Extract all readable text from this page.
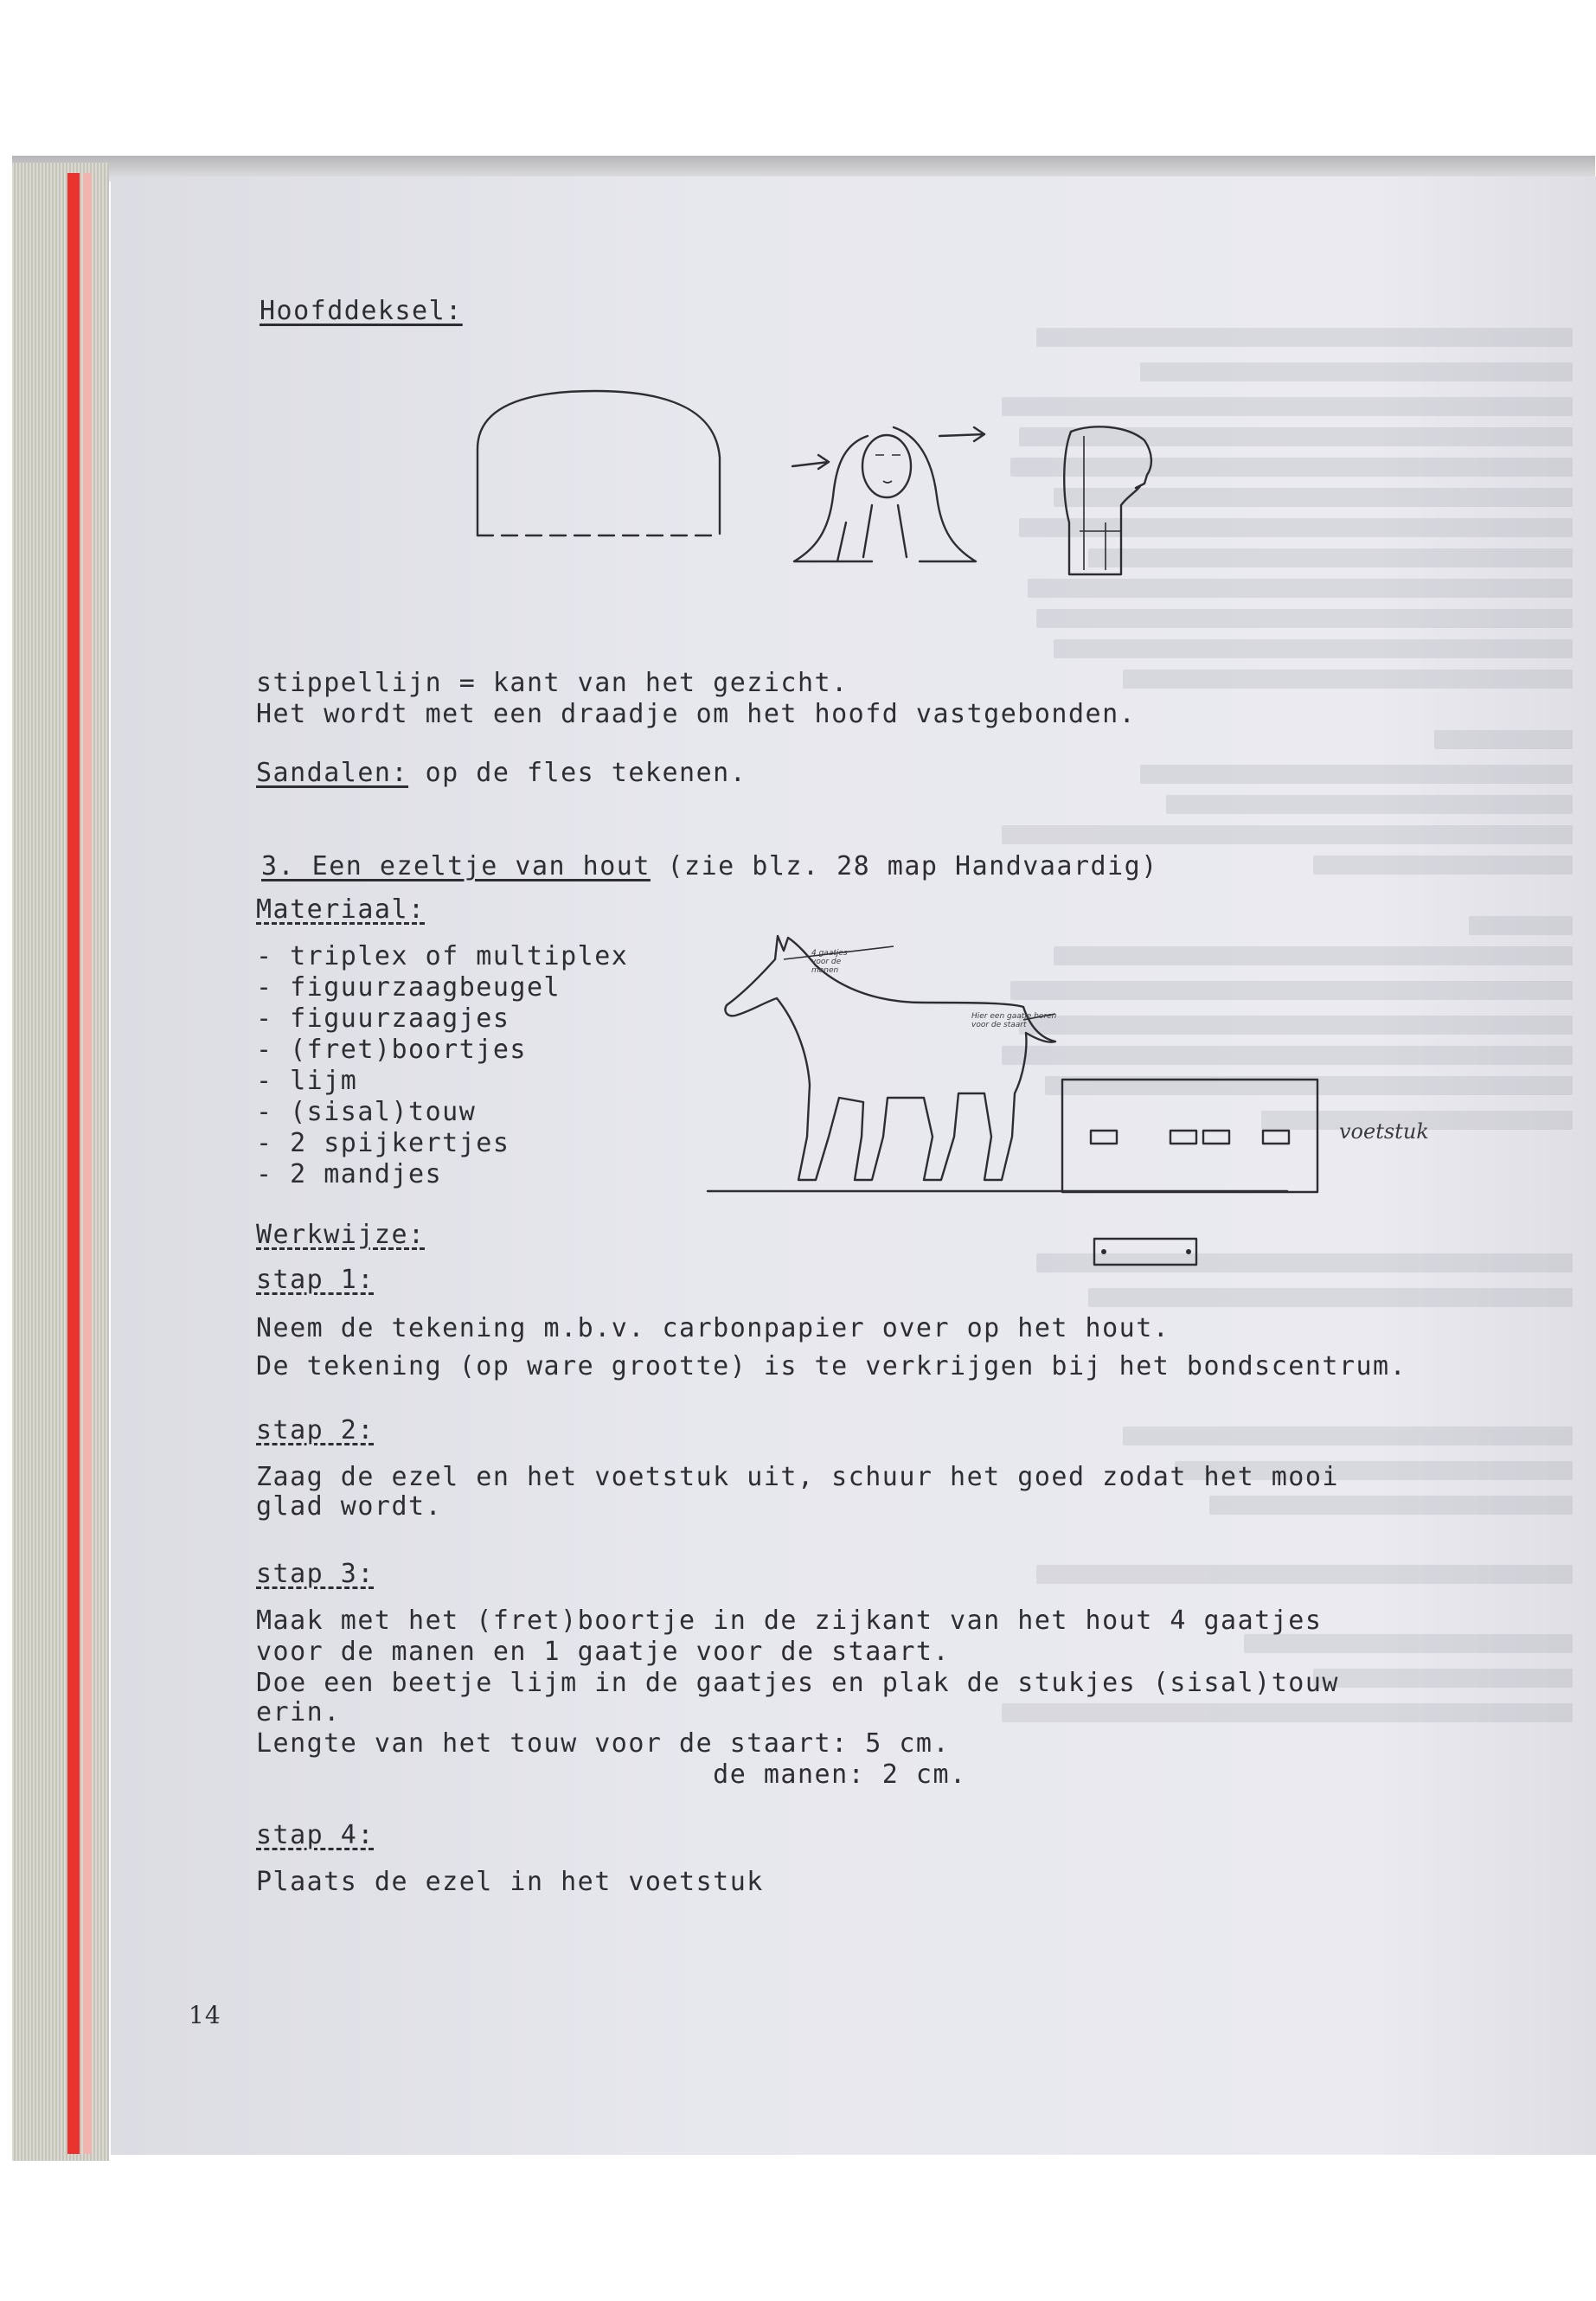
Hoofddeksel:

stippellijn = kant van het gezicht.

Het wordt met een draadje om het hoofd vastgebonden.

Sandalen: op de fles tekenen.

3. Een ezeltje van hout (zie blz. 28 map Handvaardig)

Materiaal:

- triplex of multiplex

- figuurzaagbeugel

- figuurzaagjes

- (fret)boortjes

- lijm

- (sisal)touw

- 2 spijkertjes

- 2 mandjes

4 gaatjes
voor de
manen
Hier een gaatje boren
voor de staart
voetstuk

Werkwijze:

stap 1:

Neem de tekening m.b.v. carbonpapier over op het hout.

De tekening (op ware grootte) is te verkrijgen bij het bondscentrum.

stap 2:

Zaag de ezel en het voetstuk uit, schuur het goed zodat het mooi

glad wordt.

stap 3:

Maak met het (fret)boortje in de zijkant van het hout 4 gaatjes

voor de manen en 1 gaatje voor de staart.

Doe een beetje lijm in de gaatjes en plak de stukjes (sisal)touw

erin.

Lengte van het touw voor de staart: 5 cm.

de manen: 2 cm.

stap 4:

Plaats de ezel in het voetstuk

14
